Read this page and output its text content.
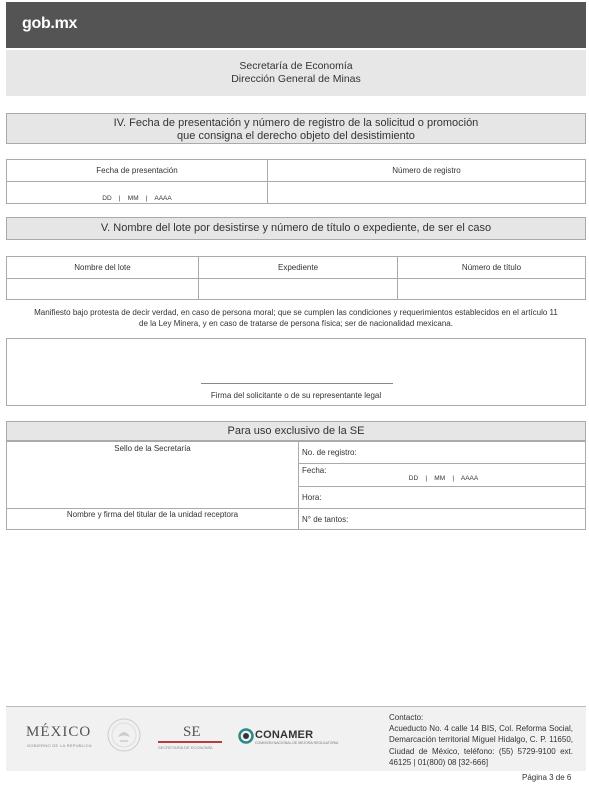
gob.mx
Secretaría de Economía
Dirección General de Minas
IV. Fecha de presentación y número de registro de la solicitud o promoción
que consigna el derecho objeto del desistimiento
Fecha de presentación	Número de registro
DD    |    MM    |    AAAA	
V. Nombre del lote por desistirse y número de título o expediente, de ser el caso
Nombre del lote	Expediente	Número de título

Manifiesto bajo protesta de decir verdad, en caso de persona moral; que se cumplen las condiciones y requerimientos establecidos en el artículo 11
de la Ley Minera, y en caso de tratarse de persona física; ser de nacionalidad mexicana.
Firma del solicitante o de su representante legal
Para uso exclusivo de la SE
Sello de la Secretaría	No. de registro:

	Fecha:
DD    |    MM    |    AAAA

	Hora:
Nombre y firma del titular de la unidad receptora	N° de tantos:
MÉXICO
GOBIERNO DE LA REPÚBLICA
SE
SECRETARÍA DE ECONOMÍA
CONAMER
COMISIÓN NACIONAL DE MEJORA REGULATORIA
Contacto:
Acueducto No. 4 calle 14 BIS, Col. Reforma Social, Demarcación territorial Miguel Hidalgo, C. P. 11650, Ciudad de México, teléfono: (55) 5729-9100 ext. 46125 | 01(800) 08 [32-666]
Página 3 de 6
